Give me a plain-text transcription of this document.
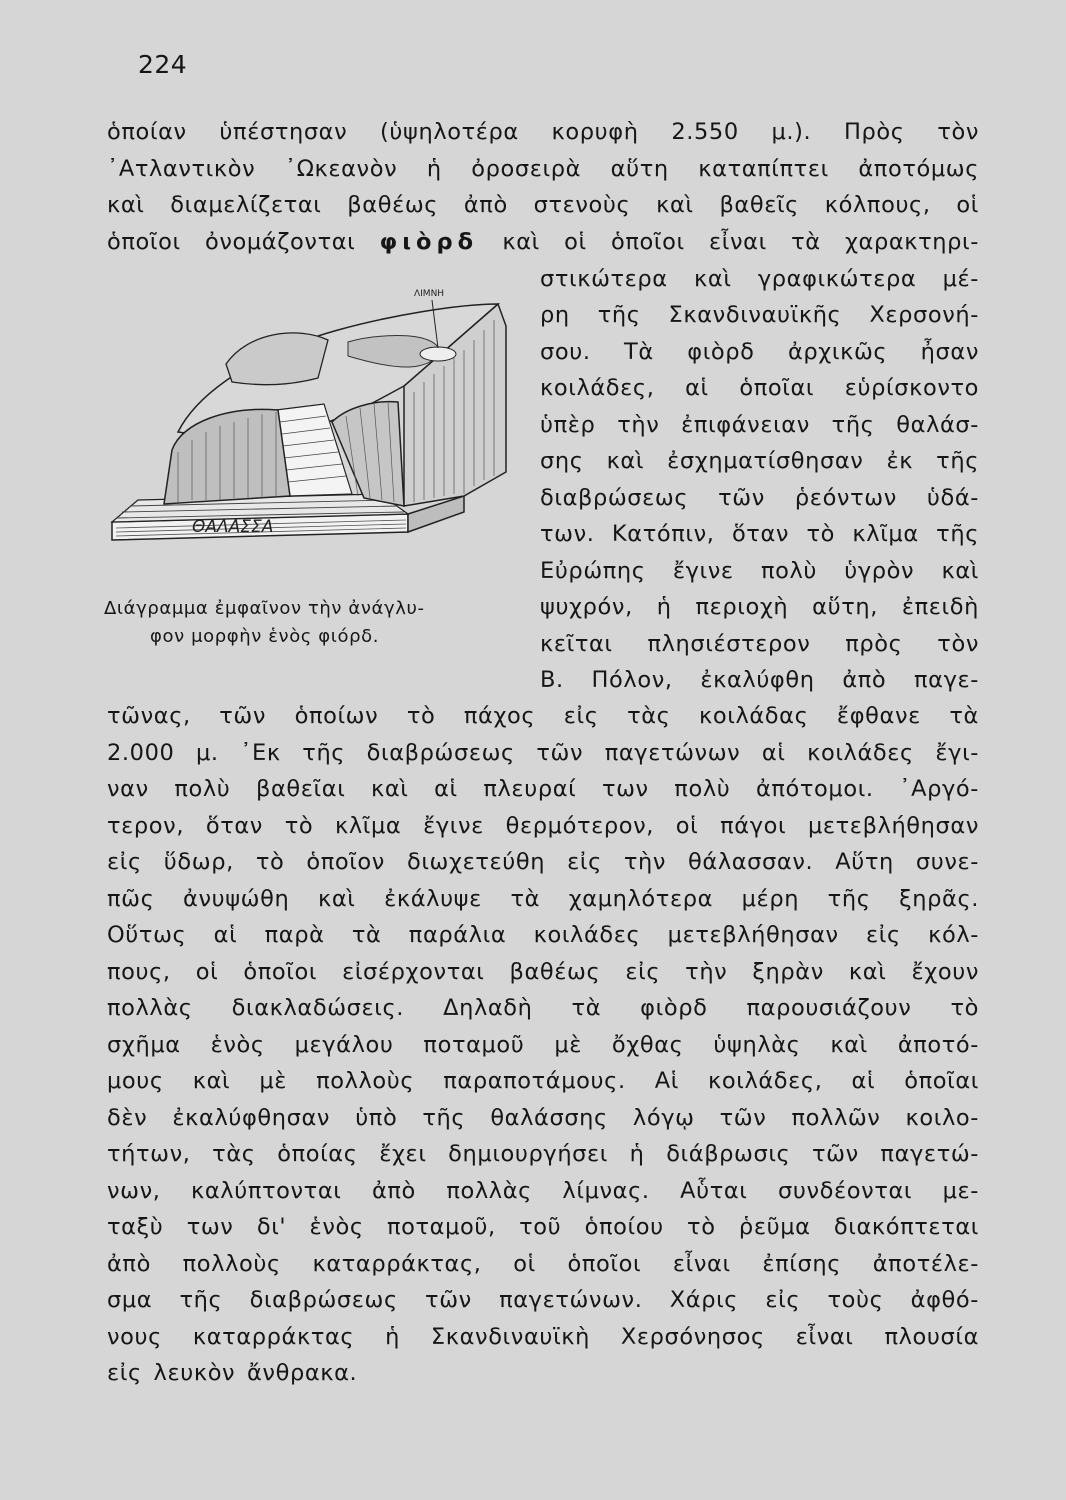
224
ὁποίαν ὑπέστησαν (ὑψηλοτέρα κορυφὴ 2.550 μ.). Πρὸς τὸν
᾿Ατλαντικὸν ᾿Ωκεανὸν ἡ ὀροσειρὰ αὕτη καταπίπτει ἀποτόμως
καὶ διαμελίζεται βαθέως ἀπὸ στενοὺς καὶ βαθεῖς κόλπους, οἱ
ὁποῖοι ὀνομάζονται φιὸρδ καὶ οἱ ὁποῖοι εἶναι τὰ χαρακτηρι-
ΛΙΜΝΗ
ΘΑΛΑΣΣΑ
Διάγραμμα ἐμφαῖνον τὴν ἀνάγλυ-
φον μορφὴν ἑνὸς φιόρδ.
στικώτερα καὶ γραφικώτερα μέ-
ρη τῆς Σκανδιναυϊκῆς Χερσονή-
σου. Τὰ φιὸρδ ἀρχικῶς ἦσαν
κοιλάδες, αἱ ὁποῖαι εὑρίσκοντο
ὑπὲρ τὴν ἐπιφάνειαν τῆς θαλάσ-
σης καὶ ἐσχηματίσθησαν ἐκ τῆς
διαβρώσεως τῶν ῥεόντων ὑδά-
των. Κατόπιν, ὅταν τὸ κλῖμα τῆς
Εὐρώπης ἔγινε πολὺ ὑγρὸν καὶ
ψυχρόν, ἡ περιοχὴ αὕτη, ἐπειδὴ
κεῖται πλησιέστερον πρὸς τὸν
Β. Πόλον, ἐκαλύφθη ἀπὸ παγε-
τῶνας, τῶν ὁποίων τὸ πάχος εἰς τὰς κοιλάδας ἔφθανε τὰ
2.000 μ. ᾿Εκ τῆς διαβρώσεως τῶν παγετώνων αἱ κοιλάδες ἔγι-
ναν πολὺ βαθεῖαι καὶ αἱ πλευραί των πολὺ ἀπότομοι. ᾿Αργό-
τερον, ὅταν τὸ κλῖμα ἔγινε θερμότερον, οἱ πάγοι μετεβλήθησαν
εἰς ὕδωρ, τὸ ὁποῖον διωχετεύθη εἰς τὴν θάλασσαν. Αὕτη συνε-
πῶς ἀνυψώθη καὶ ἐκάλυψε τὰ χαμηλότερα μέρη τῆς ξηρᾶς.
Οὕτως αἱ παρὰ τὰ παράλια κοιλάδες μετεβλήθησαν εἰς κόλ-
πους, οἱ ὁποῖοι εἰσέρχονται βαθέως εἰς τὴν ξηρὰν καὶ ἔχουν
πολλὰς διακλαδώσεις. Δηλαδὴ τὰ φιὸρδ παρουσιάζουν τὸ
σχῆμα ἑνὸς μεγάλου ποταμοῦ μὲ ὄχθας ὑψηλὰς καὶ ἀποτό-
μους καὶ μὲ πολλοὺς παραποτάμους. Αἱ κοιλάδες, αἱ ὁποῖαι
δὲν ἐκαλύφθησαν ὑπὸ τῆς θαλάσσης λόγῳ τῶν πολλῶν κοιλο-
τήτων, τὰς ὁποίας ἔχει δημιουργήσει ἡ διάβρωσις τῶν παγετώ-
νων, καλύπτονται ἀπὸ πολλὰς λίμνας. Αὗται συνδέονται με-
ταξὺ των δι' ἑνὸς ποταμοῦ, τοῦ ὁποίου τὸ ῥεῦμα διακόπτεται
ἀπὸ πολλοὺς καταρράκτας, οἱ ὁποῖοι εἶναι ἐπίσης ἀποτέλε-
σμα τῆς διαβρώσεως τῶν παγετώνων. Χάρις εἰς τοὺς ἀφθό-
νους καταρράκτας ἡ Σκανδιναυϊκὴ Χερσόνησος εἶναι πλουσία
εἰς λευκὸν ἄνθρακα.
